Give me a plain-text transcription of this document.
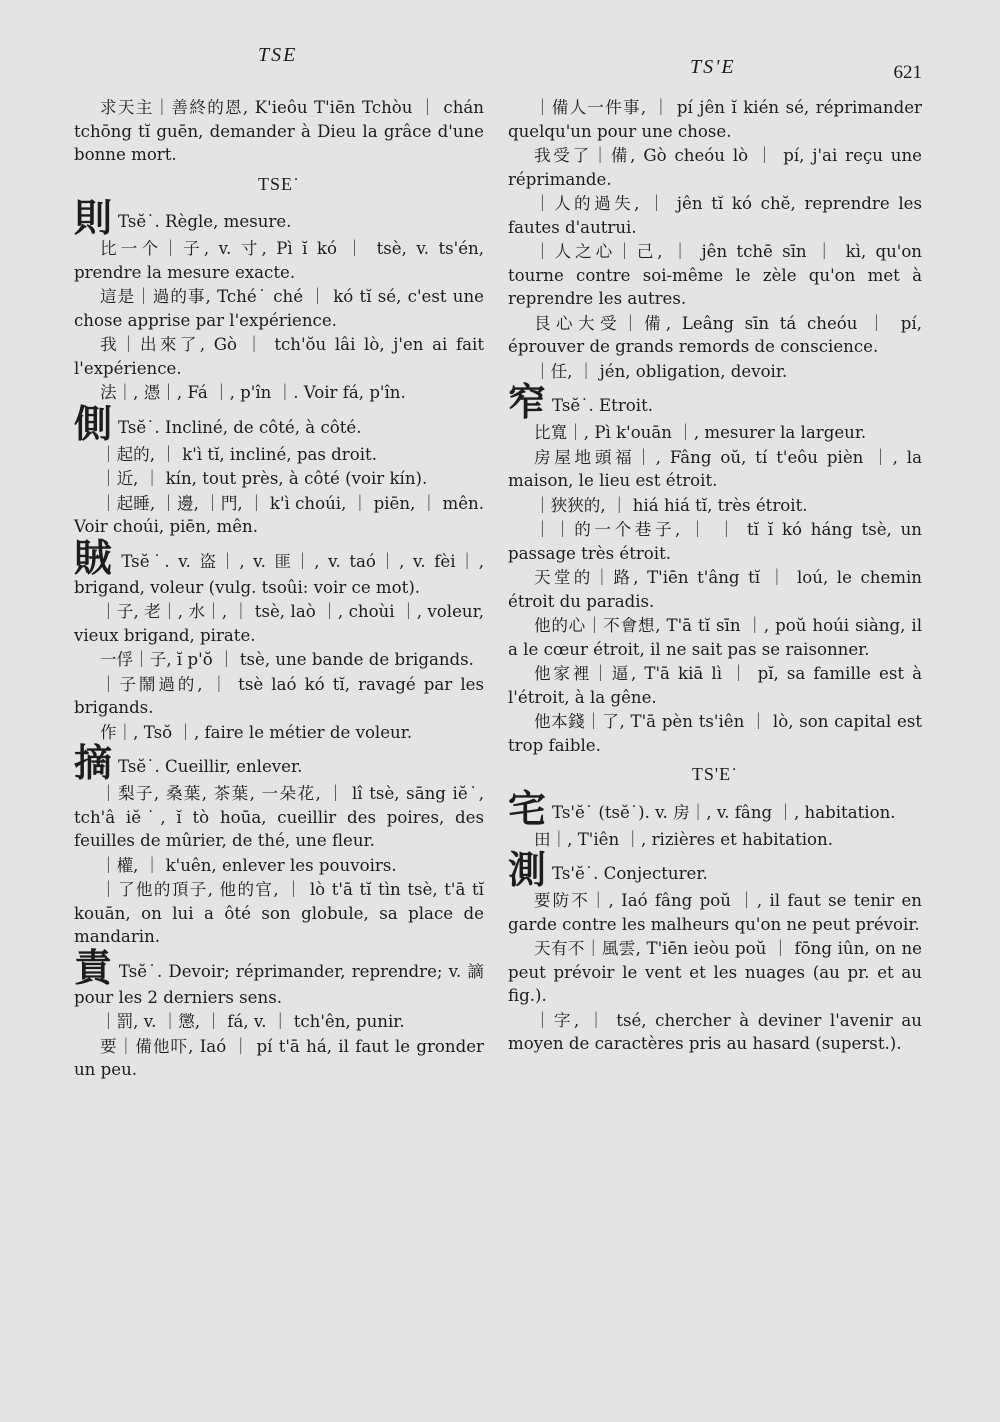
TSE
TS'E	621
求天主｜善終的恩, K'ieôu T'iēn Tchòu ｜ chán tchōng tĭ guēn, demander à Dieu la grâce d'une bonne mort.
TSE˙
則 Tsĕ˙. Règle, mesure.
比一个｜子, v. 寸, Pì ĭ kó ｜ tsè, v. ts'én, prendre la mesure exacte.
這是｜過的事, Tché˙ ché ｜ kó tĭ sé, c'est une chose apprise par l'expérience.
我｜出來了, Gò ｜ tch'ŏu lâi lò, j'en ai fait l'expérience.
法｜, 憑｜, Fá ｜, p'în ｜. Voir fá, p'în.
側 Tsĕ˙. Incliné, de côté, à côté.
｜起的, ｜ k'ì tĭ, incliné, pas droit.
｜近, ｜ kín, tout près, à côté (voir kín).
｜起睡, ｜邊, ｜門, ｜ k'ì choúi, ｜ piēn, ｜ mên. Voir choúi, piēn, mên.
賊 Tsĕ˙. v. 盗｜, v. 匪｜, v. taó｜, v. fèi｜, brigand, voleur (vulg. tsoûi: voir ce mot).
｜子, 老｜, 水｜, ｜ tsè, laò ｜, choùi ｜, voleur, vieux brigand, pirate.
一俘｜子, ĭ p'ŏ ｜ tsè, une bande de brigands.
｜子鬧過的, ｜ tsè laó kó tĭ, ravagé par les brigands.
作｜, Tsŏ ｜, faire le métier de voleur.
摘 Tsĕ˙. Cueillir, enlever.
｜梨子, 桑葉, 茶葉, 一朵花, ｜ lî tsè, sāng iĕ˙, tch'â iĕ˙, ĭ tò hoūa, cueillir des poires, des feuilles de mûrier, de thé, une fleur.
｜權, ｜ k'uên, enlever les pouvoirs.
｜了他的頂子, 他的官, ｜ lò t'ā tĭ tìn tsè, t'ā tĭ kouān, on lui a ôté son globule, sa place de mandarin.
責 Tsĕ˙. Devoir; réprimander, reprendre; v. 謫 pour les 2 derniers sens.
｜罰, v. ｜懲, ｜ fá, v. ｜ tch'ên, punir.
要｜備他吓, Iaó ｜ pí t'ā há, il faut le gronder un peu.
｜備人一件事, ｜ pí jên ĭ kién sé, réprimander quelqu'un pour une chose.
我受了｜備, Gò cheóu lò ｜ pí, j'ai reçu une réprimande.
｜人的過失, ｜ jên tĭ kó chĕ, reprendre les fautes d'autrui.
｜人之心｜己, ｜ jên tchē sīn ｜ kì, qu'on tourne contre soi-même le zèle qu'on met à reprendre les autres.
艮心大受｜備, Leâng sīn tá cheóu ｜ pí, éprouver de grands remords de conscience.
｜任, ｜ jén, obligation, devoir.
窄 Tsĕ˙. Etroit.
比寬｜, Pì k'ouān ｜, mesurer la largeur.
房屋地頭福｜, Fâng oŭ, tí t'eôu pièn ｜, la maison, le lieu est étroit.
｜狹狹的, ｜ hiá hiá tĭ, très étroit.
｜｜的一个巷子, ｜ ｜ tĭ ĭ kó háng tsè, un passage très étroit.
天堂的｜路, T'iēn t'âng tĭ ｜ loú, le chemin étroit du paradis.
他的心｜不會想, T'ā tĭ sīn ｜, poŭ hoúi siàng, il a le cœur étroit, il ne sait pas se raisonner.
他家裡｜逼, T'ā kiā lì ｜ pĭ, sa famille est à l'étroit, à la gêne.
他本錢｜了, T'ā pèn ts'iên ｜ lò, son capital est trop faible.
TS'E˙
宅 Ts'ĕ˙ (tsĕ˙). v. 房｜, v. fâng ｜, habitation.
田｜, T'iên ｜, rizières et habitation.
測 Ts'ĕ˙. Conjecturer.
要防不｜, Iaó fâng poŭ ｜, il faut se tenir en garde contre les malheurs qu'on ne peut prévoir.
天有不｜風雲, T'iēn ieòu poŭ ｜ fōng iûn, on ne peut prévoir le vent et les nuages (au pr. et au fig.).
｜字, ｜ tsé, chercher à deviner l'avenir au moyen de caractères pris au hasard (superst.).
